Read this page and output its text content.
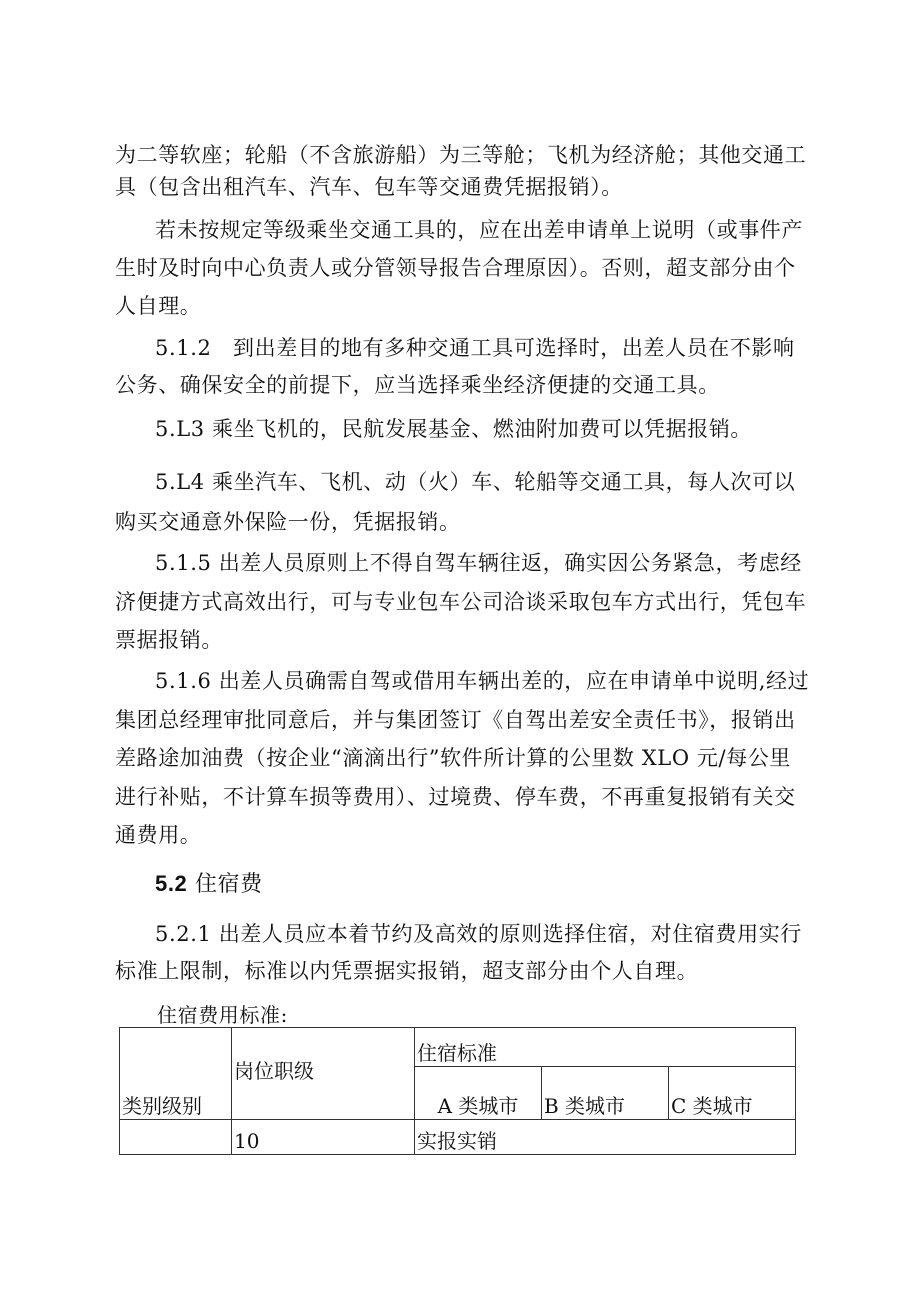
为二等软座；轮船（不含旅游船）为三等舱；飞机为经济舱；其他交通工
具（包含出租汽车、汽车、包车等交通费凭据报销）。
若未按规定等级乘坐交通工具的，应在出差申请单上说明（或事件产
生时及时向中心负责人或分管领导报告合理原因）。否则，超支部分由个
人自理。
5.1.2　到出差目的地有多种交通工具可选择时，出差人员在不影响
公务、确保安全的前提下，应当选择乘坐经济便捷的交通工具。
5.L3 乘坐飞机的，民航发展基金、燃油附加费可以凭据报销。
5.L4 乘坐汽车、飞机、动（火）车、轮船等交通工具，每人次可以
购买交通意外保险一份，凭据报销。
5.1.5 出差人员原则上不得自驾车辆往返，确实因公务紧急，考虑经
济便捷方式高效出行，可与专业包车公司洽谈采取包车方式出行，凭包车
票据报销。
5.1.6 出差人员确需自驾或借用车辆出差的，应在申请单中说明,经过
集团总经理审批同意后，并与集团签订《自驾出差安全责任书》，报销出
差路途加油费（按企业“滴滴出行”软件所计算的公里数 XLO 元/每公里
进行补贴，不计算车损等费用）、过境费、停车费，不再重复报销有关交
通费用。
5.2 住宿费
5.2.1 出差人员应本着节约及高效的原则选择住宿，对住宿费用实行
标准上限制，标准以内凭票据实报销，超支部分由个人自理。
住宿费用标准:
类别级别	岗位职级	住宿标准		
		A 类城市	B 类城市	C 类城市
	10	实报实销		
